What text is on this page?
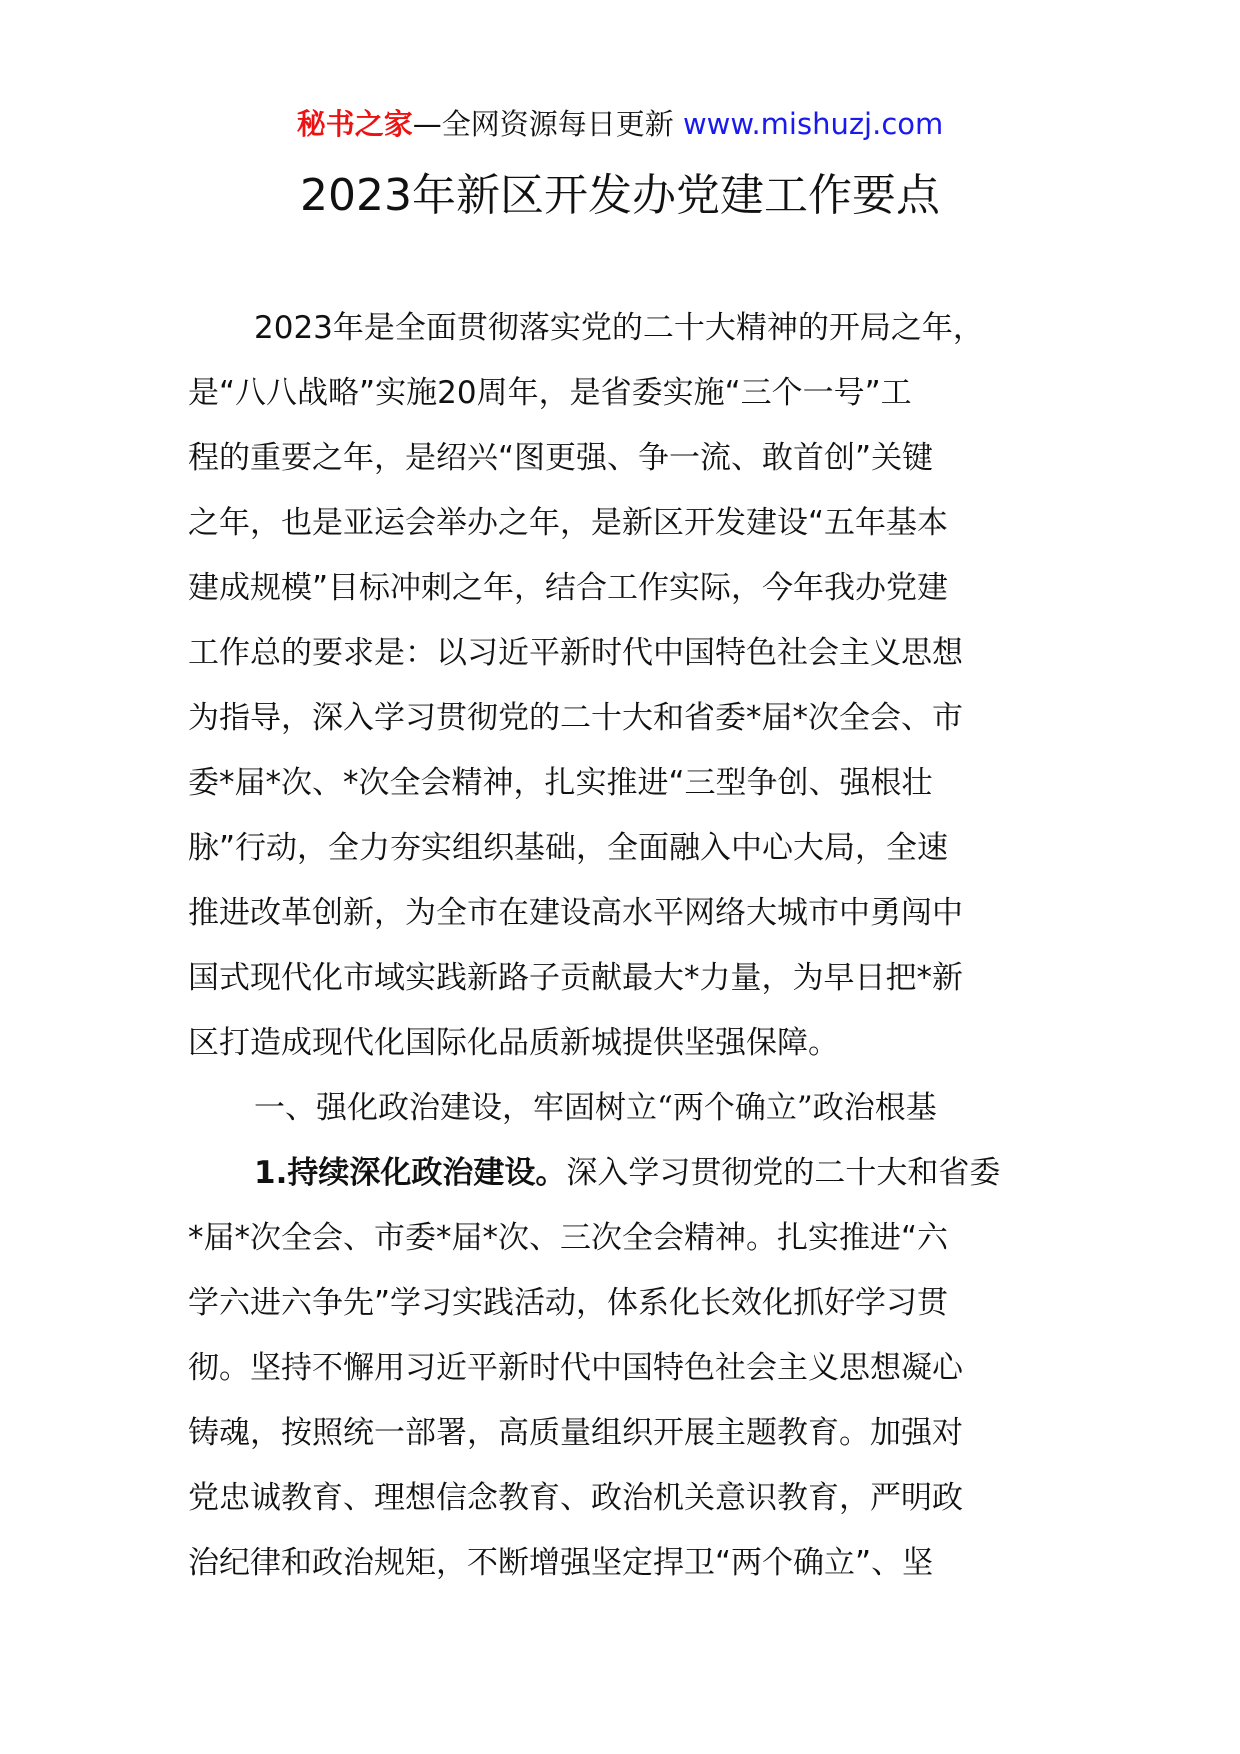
秘书之家—全网资源每日更新 www.mishuzj.com
2023年新区开发办党建工作要点
2023年是全面贯彻落实党的二十大精神的开局之年，
是“八八战略”实施20周年，是省委实施“三个一号”工
程的重要之年，是绍兴“图更强、争一流、敢首创”关键
之年，也是亚运会举办之年，是新区开发建设“五年基本
建成规模”目标冲刺之年，结合工作实际，今年我办党建
工作总的要求是：以习近平新时代中国特色社会主义思想
为指导，深入学习贯彻党的二十大和省委*届*次全会、市
委*届*次、*次全会精神，扎实推进“三型争创、强根壮
脉”行动，全力夯实组织基础，全面融入中心大局，全速
推进改革创新，为全市在建设高水平网络大城市中勇闯中
国式现代化市域实践新路子贡献最大*力量，为早日把*新
区打造成现代化国际化品质新城提供坚强保障。
一、强化政治建设，牢固树立“两个确立”政治根基
1.持续深化政治建设。深入学习贯彻党的二十大和省委
*届*次全会、市委*届*次、三次全会精神。扎实推进“六
学六进六争先”学习实践活动，体系化长效化抓好学习贯
彻。坚持不懈用习近平新时代中国特色社会主义思想凝心
铸魂，按照统一部署，高质量组织开展主题教育。加强对
党忠诚教育、理想信念教育、政治机关意识教育，严明政
治纪律和政治规矩，不断增强坚定捍卫“两个确立”、坚
